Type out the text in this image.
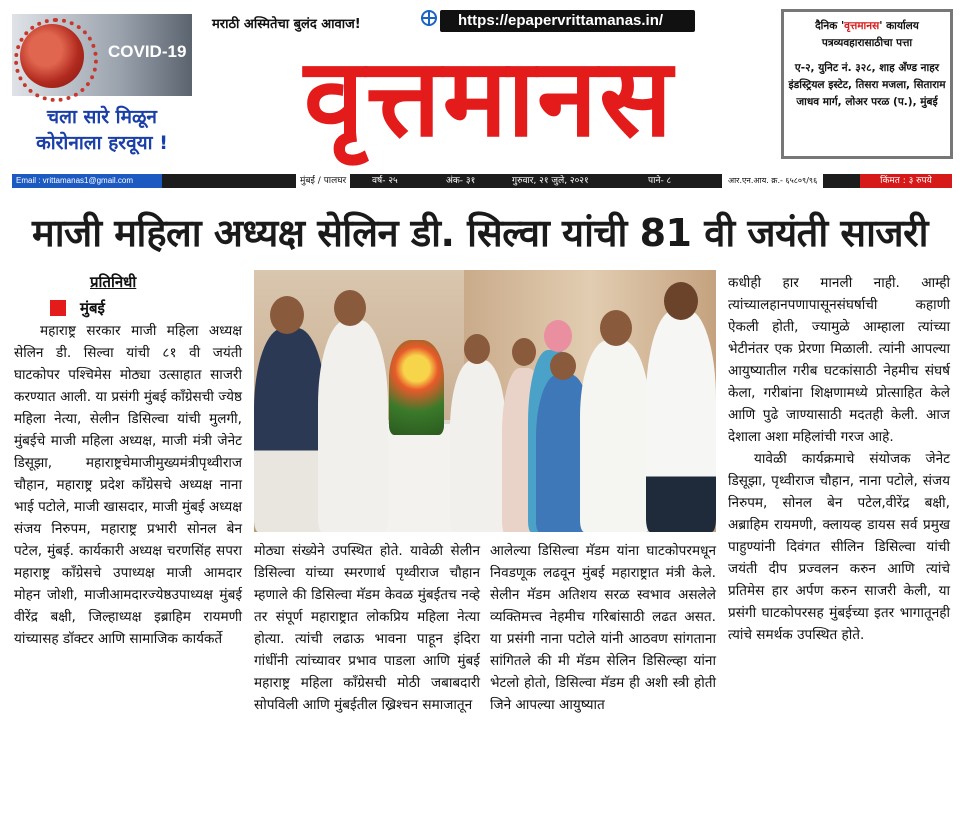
COVID-19
चला सारे मिळून कोरोनाला हरवूया !
मराठी अस्मितेचा बुलंद आवाज!	https://epapervrittamanas.in/
वृत्तमानस
दैनिक 'वृत्तमानस' कार्यालय
पत्रव्यवहारासाठीचा पत्ता
ए-२, युनिट नं. ३२८, शाह अँण्ड नाहर इंडस्ट्रियल इस्टेट, तिसरा मजला, सिताराम जाधव मार्ग, लोअर परळ (प.), मुंबई
Email : vrittamanas1@gmail.com	मुंबई / पालघर	वर्ष- २५	अंक- ३१	गुरुवार, २१ जुले, २०२१	पाने- ८	आर.एन.आय. क्र.- ६५८०९/९६	किंमत : ३ रुपये
माजी महिला अध्यक्ष सेलिन डी. सिल्वा यांची 81 वी जयंती साजरी
प्रतिनिधी
मुंबई
महाराष्ट्र सरकार माजी महिला अध्यक्ष सेलिन डी. सिल्वा यांची ८१ वी जयंती घाटकोपर पश्चिमेस मोठ्या उत्साहात साजरी करण्यात आली. या प्रसंगी मुंबई काँग्रेसची ज्येष्ठ महिला नेत्या, सेलीन डिसिल्वा यांची मुलगी, मुंबईचे माजी महिला अध्यक्ष, माजी मंत्री जेनेट डिसूझा, महाराष्ट्रचेमाजीमुख्यमंत्रीपृथ्वीराज चौहान, महाराष्ट्र प्रदेश काँग्रेसचे अध्यक्ष नाना भाई पटोले, माजी खासदार, माजी मुंबई अध्यक्ष संजय निरुपम, महाराष्ट्र प्रभारी सोनल बेन पटेल, मुंबई. कार्यकारी अध्यक्ष चरणसिंह सपरा महाराष्ट्र काँग्रेसचे उपाध्यक्ष माजी आमदार मोहन जोशी, माजीआमदारज्येष्ठउपाध्यक्ष मुंबई वीरेंद्र बक्षी, जिल्हाध्यक्ष इब्राहिम रायमणी यांच्यासह डॉक्टर आणि सामाजिक कार्यकर्ते
मोठ्या संख्येने उपस्थित होते. यावेळी सेलीन डिसिल्वा यांच्या स्मरणार्थ पृथ्वीराज चौहान म्हणाले की डिसिल्वा मॅडम केवळ मुंबईतच नव्हे तर संपूर्ण महाराष्ट्रात लोकप्रिय महिला नेत्या होत्या. त्यांची लढाऊ भावना पाहून इंदिरा गांधींनी त्यांच्यावर प्रभाव पाडला आणि मुंबई महाराष्ट्र महिला काँग्रेसची मोठी जबाबदारी सोपविली आणि मुंबईतील ख्रिश्चन समाजातून
आलेल्या डिसिल्वा मॅडम यांना घाटकोपरमधून निवडणूक लढवून मुंबई महाराष्ट्रात मंत्री केले. सेलीन मॅडम अतिशय सरळ स्वभाव असलेले व्यक्तिमत्त्व नेहमीच गरिबांसाठी लढत असत. या प्रसंगी नाना पटोले यांनी आठवण सांगताना सांगितले की मी मॅडम सेलिन डिसिल्व्हा यांना भेटलो होतो, डिसिल्वा मॅडम ही अशी स्त्री होती जिने आपल्या आयुष्यात
कधीही हार मानली नाही. आम्ही त्यांच्यालहानपणापासूनसंघर्षाची कहाणी ऐकली होती, ज्यामुळे आम्हाला त्यांच्या भेटीनंतर एक प्रेरणा मिळाली. त्यांनी आपल्या आयुष्यातील गरीब घटकांसाठी नेहमीच संघर्ष केला, गरीबांना शिक्षणामध्ये प्रोत्साहित केले आणि पुढे जाण्यासाठी मदतही केली. आज देशाला अशा महिलांची गरज आहे.
यावेळी कार्यक्रमाचे संयोजक जेनेट डिसूझा, पृथ्वीराज चौहान, नाना पटोले, संजय निरुपम, सोनल बेन पटेल,वीरेंद्र बक्षी, अब्राहिम रायमणी, क्लायव्ह डायस सर्व प्रमुख पाहुण्यांनी दिवंगत सीलिन डिसिल्वा यांची जयंती दीप प्रज्वलन करुन आणि त्यांचे प्रतिमेस हार अर्पण करुन साजरी केली, या प्रसंगी घाटकोपरसह मुंबईच्या इतर भागातूनही त्यांचे समर्थक उपस्थित होते.
